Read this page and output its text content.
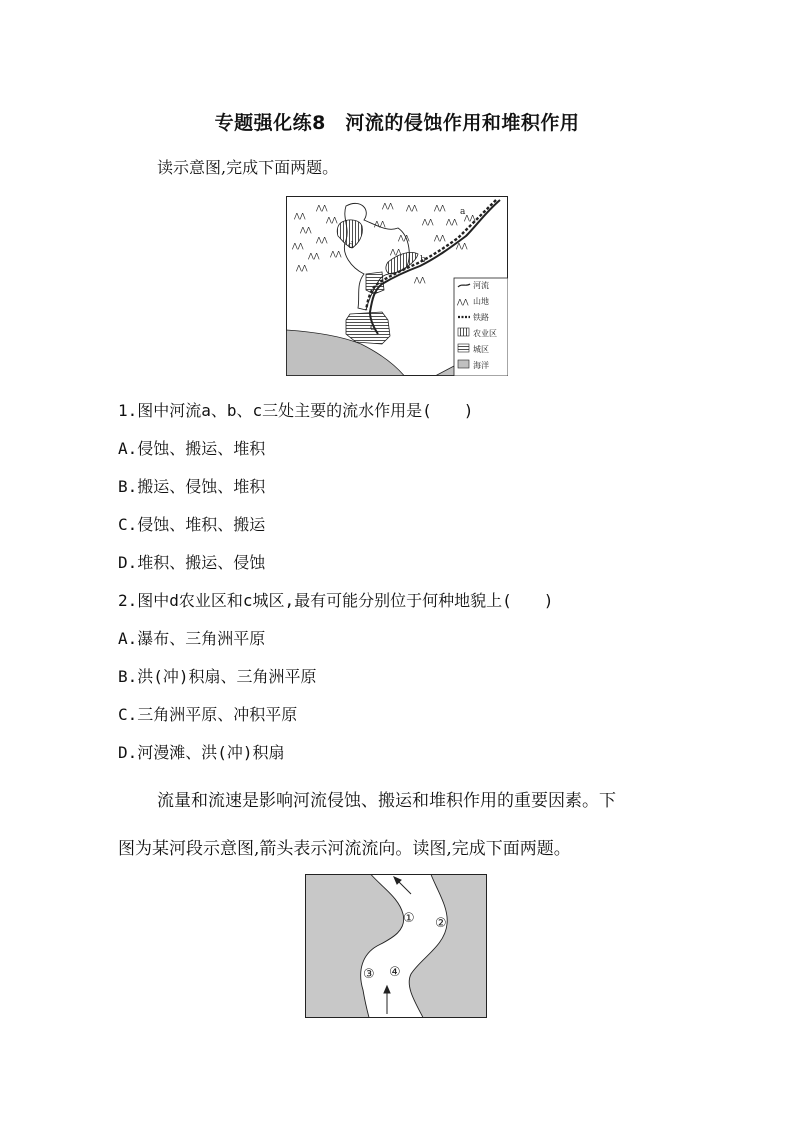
专题强化练8　河流的侵蚀作用和堆积作用
读示意图,完成下面两题。
⋀⋀
⋀⋀	⋀⋀
⋀⋀
⋀⋀
⋀⋀
⋀⋀ ⋀⋀
⋀⋀
⋀⋀ ⋀⋀ ⋀⋀
⋀⋀	⋀⋀ ⋀⋀
⋀⋀	⋀⋀
⋀⋀
⋀⋀
⋀⋀
⋀⋀
a
b
c
d
⋀⋀
河流
山地
铁路
农业区
城区
海洋
1.图中河流a、b、c三处主要的流水作用是(　　)
A.侵蚀、搬运、堆积
B.搬运、侵蚀、堆积
C.侵蚀、堆积、搬运
D.堆积、搬运、侵蚀
2.图中d农业区和c城区,最有可能分别位于何种地貌上(　　)
A.瀑布、三角洲平原
B.洪(冲)积扇、三角洲平原
C.三角洲平原、冲积平原
D.河漫滩、洪(冲)积扇
流量和流速是影响河流侵蚀、搬运和堆积作用的重要因素。下
图为某河段示意图,箭头表示河流流向。读图,完成下面两题。
① ②
③ ④
